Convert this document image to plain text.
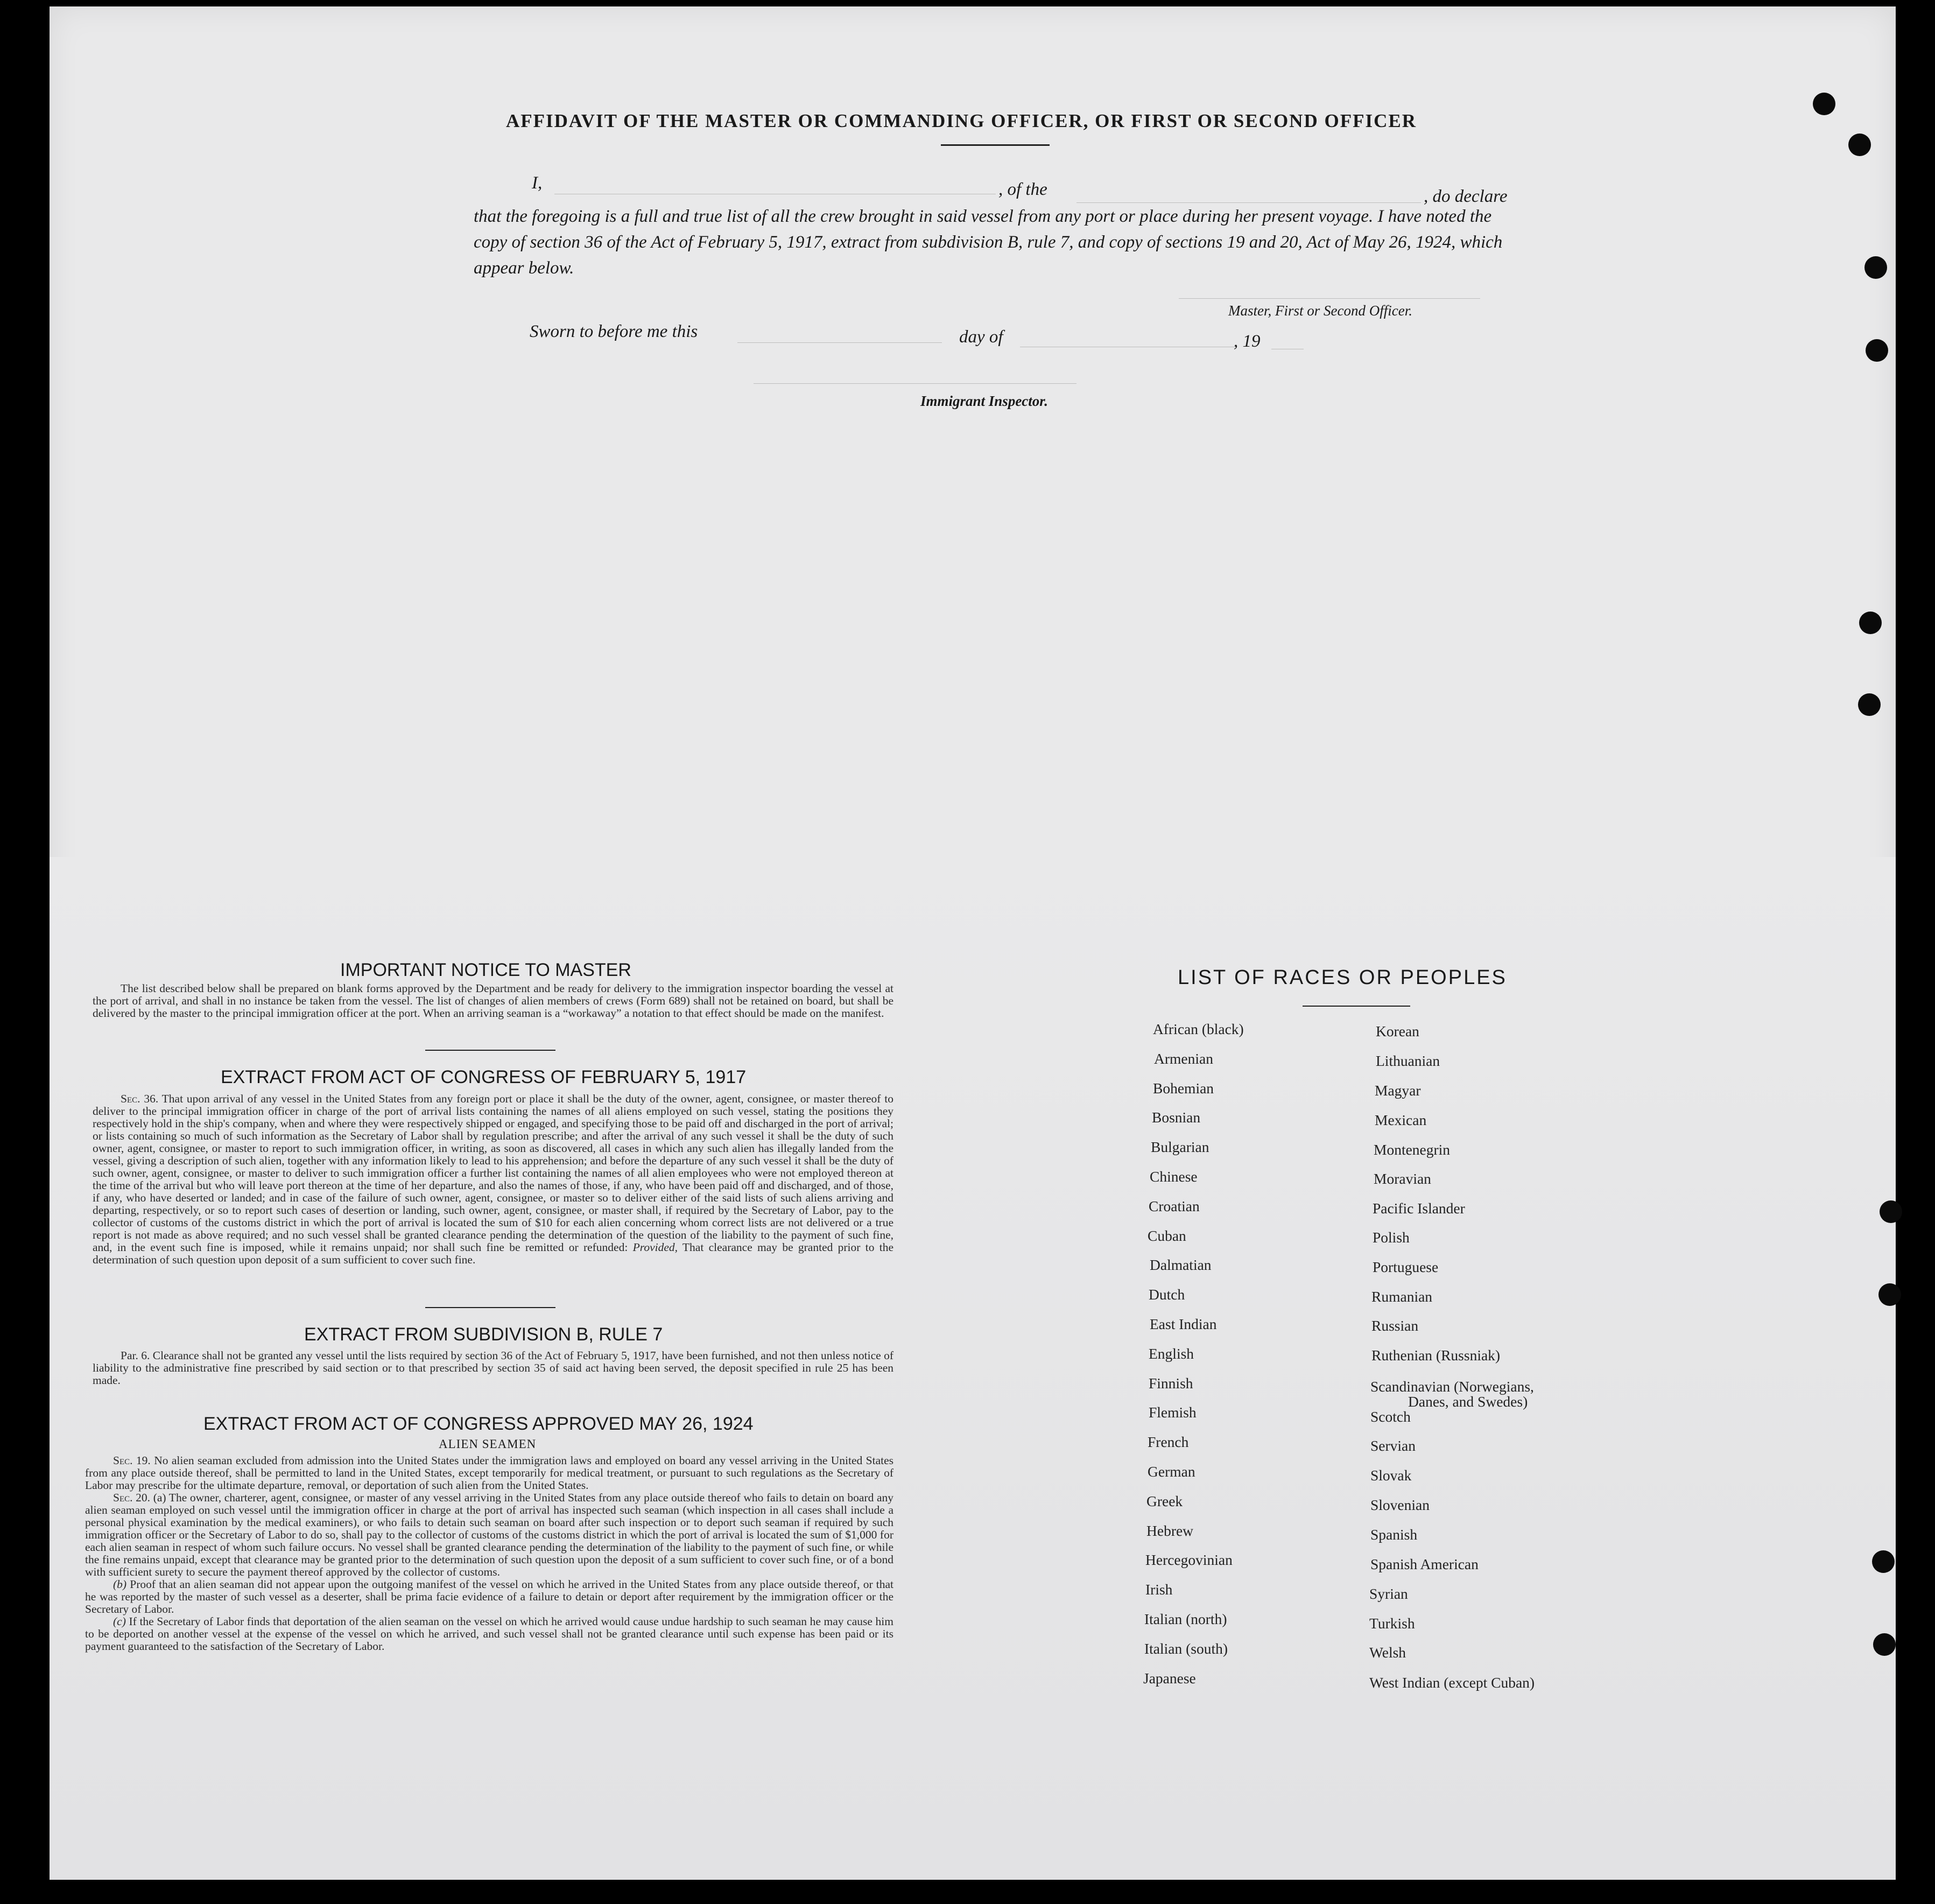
AFFIDAVIT OF THE MASTER OR COMMANDING OFFICER, OR FIRST OR SECOND OFFICER
I,	, of the	, do declare
that the foregoing is a full and true list of all the crew brought in said vessel from any port or place during her present voyage. I have noted the copy of section 36 of the Act of February 5, 1917, extract from subdivision B, rule 7, and copy of sections 19 and 20, Act of May 26, 1924, which appear below.
Master, First or Second Officer.
Sworn to before me this	day of	, 19
Immigrant Inspector.
IMPORTANT NOTICE TO MASTER
The list described below shall be prepared on blank forms approved by the Department and be ready for delivery to the immigration inspector boarding the vessel at the port of arrival, and shall in no instance be taken from the vessel. The list of changes of alien members of crews (Form 689) shall not be retained on board, but shall be delivered by the master to the principal immigration officer at the port. When an arriving seaman is a “workaway” a notation to that effect should be made on the manifest.
EXTRACT FROM ACT OF CONGRESS OF FEBRUARY 5, 1917
Sec. 36. That upon arrival of any vessel in the United States from any foreign port or place it shall be the duty of the owner, agent, consignee, or master thereof to deliver to the principal immigration officer in charge of the port of arrival lists containing the names of all aliens employed on such vessel, stating the positions they respectively hold in the ship's company, when and where they were respectively shipped or engaged, and specifying those to be paid off and discharged in the port of arrival; or lists containing so much of such information as the Secretary of Labor shall by regulation prescribe; and after the arrival of any such vessel it shall be the duty of such owner, agent, consignee, or master to report to such immigration officer, in writing, as soon as discovered, all cases in which any such alien has illegally landed from the vessel, giving a description of such alien, together with any information likely to lead to his apprehension; and before the departure of any such vessel it shall be the duty of such owner, agent, consignee, or master to deliver to such immigration officer a further list containing the names of all alien employees who were not employed thereon at the time of the arrival but who will leave port thereon at the time of her departure, and also the names of those, if any, who have been paid off and discharged, and of those, if any, who have deserted or landed; and in case of the failure of such owner, agent, consignee, or master so to deliver either of the said lists of such aliens arriving and departing, respectively, or so to report such cases of desertion or landing, such owner, agent, consignee, or master shall, if required by the Secretary of Labor, pay to the collector of customs of the customs district in which the port of arrival is located the sum of $10 for each alien concerning whom correct lists are not delivered or a true report is not made as above required; and no such vessel shall be granted clearance pending the determination of the question of the liability to the payment of such fine, and, in the event such fine is imposed, while it remains unpaid; nor shall such fine be remitted or refunded: Provided, That clearance may be granted prior to the determination of such question upon deposit of a sum sufficient to cover such fine.
EXTRACT FROM SUBDIVISION B, RULE 7
Par. 6. Clearance shall not be granted any vessel until the lists required by section 36 of the Act of February 5, 1917, have been furnished, and not then unless notice of liability to the administrative fine prescribed by said section or to that prescribed by section 35 of said act having been served, the deposit specified in rule 25 has been made.
EXTRACT FROM ACT OF CONGRESS APPROVED MAY 26, 1924
ALIEN SEAMEN
Sec. 19. No alien seaman excluded from admission into the United States under the immigration laws and employed on board any vessel arriving in the United States from any place outside thereof, shall be permitted to land in the United States, except temporarily for medical treatment, or pursuant to such regulations as the Secretary of Labor may prescribe for the ultimate departure, removal, or deportation of such alien from the United States.
Sec. 20. (a) The owner, charterer, agent, consignee, or master of any vessel arriving in the United States from any place outside thereof who fails to detain on board any alien seaman employed on such vessel until the immigration officer in charge at the port of arrival has inspected such seaman (which inspection in all cases shall include a personal physical examination by the medical examiners), or who fails to detain such seaman on board after such inspection or to deport such seaman if required by such immigration officer or the Secretary of Labor to do so, shall pay to the collector of customs of the customs district in which the port of arrival is located the sum of $1,000 for each alien seaman in respect of whom such failure occurs. No vessel shall be granted clearance pending the determination of the liability to the payment of such fine, or while the fine remains unpaid, except that clearance may be granted prior to the determination of such question upon the deposit of a sum sufficient to cover such fine, or of a bond with sufficient surety to secure the payment thereof approved by the collector of customs.
(b) Proof that an alien seaman did not appear upon the outgoing manifest of the vessel on which he arrived in the United States from any place outside thereof, or that he was reported by the master of such vessel as a deserter, shall be prima facie evidence of a failure to detain or deport after requirement by the immigration officer or the Secretary of Labor.
(c) If the Secretary of Labor finds that deportation of the alien seaman on the vessel on which he arrived would cause undue hardship to such seaman he may cause him to be deported on another vessel at the expense of the vessel on which he arrived, and such vessel shall not be granted clearance until such expense has been paid or its payment guaranteed to the satisfaction of the Secretary of Labor.
LIST OF RACES OR PEOPLES
African (black)
Armenian
Bohemian
Bosnian
Bulgarian
Chinese
Croatian
Cuban
Dalmatian
Dutch
East Indian
English
Finnish
Flemish
French
German
Greek
Hebrew
Hercegovinian
Irish
Italian (north)
Italian (south)
Japanese
Korean
Lithuanian
Magyar
Mexican
Montenegrin
Moravian
Pacific Islander
Polish
Portuguese
Rumanian
Russian
Ruthenian (Russniak)
Scandinavian (Norwegians,
Danes, and Swedes)
Scotch
Servian
Slovak
Slovenian
Spanish
Spanish American
Syrian
Turkish
Welsh
West Indian (except Cuban)
